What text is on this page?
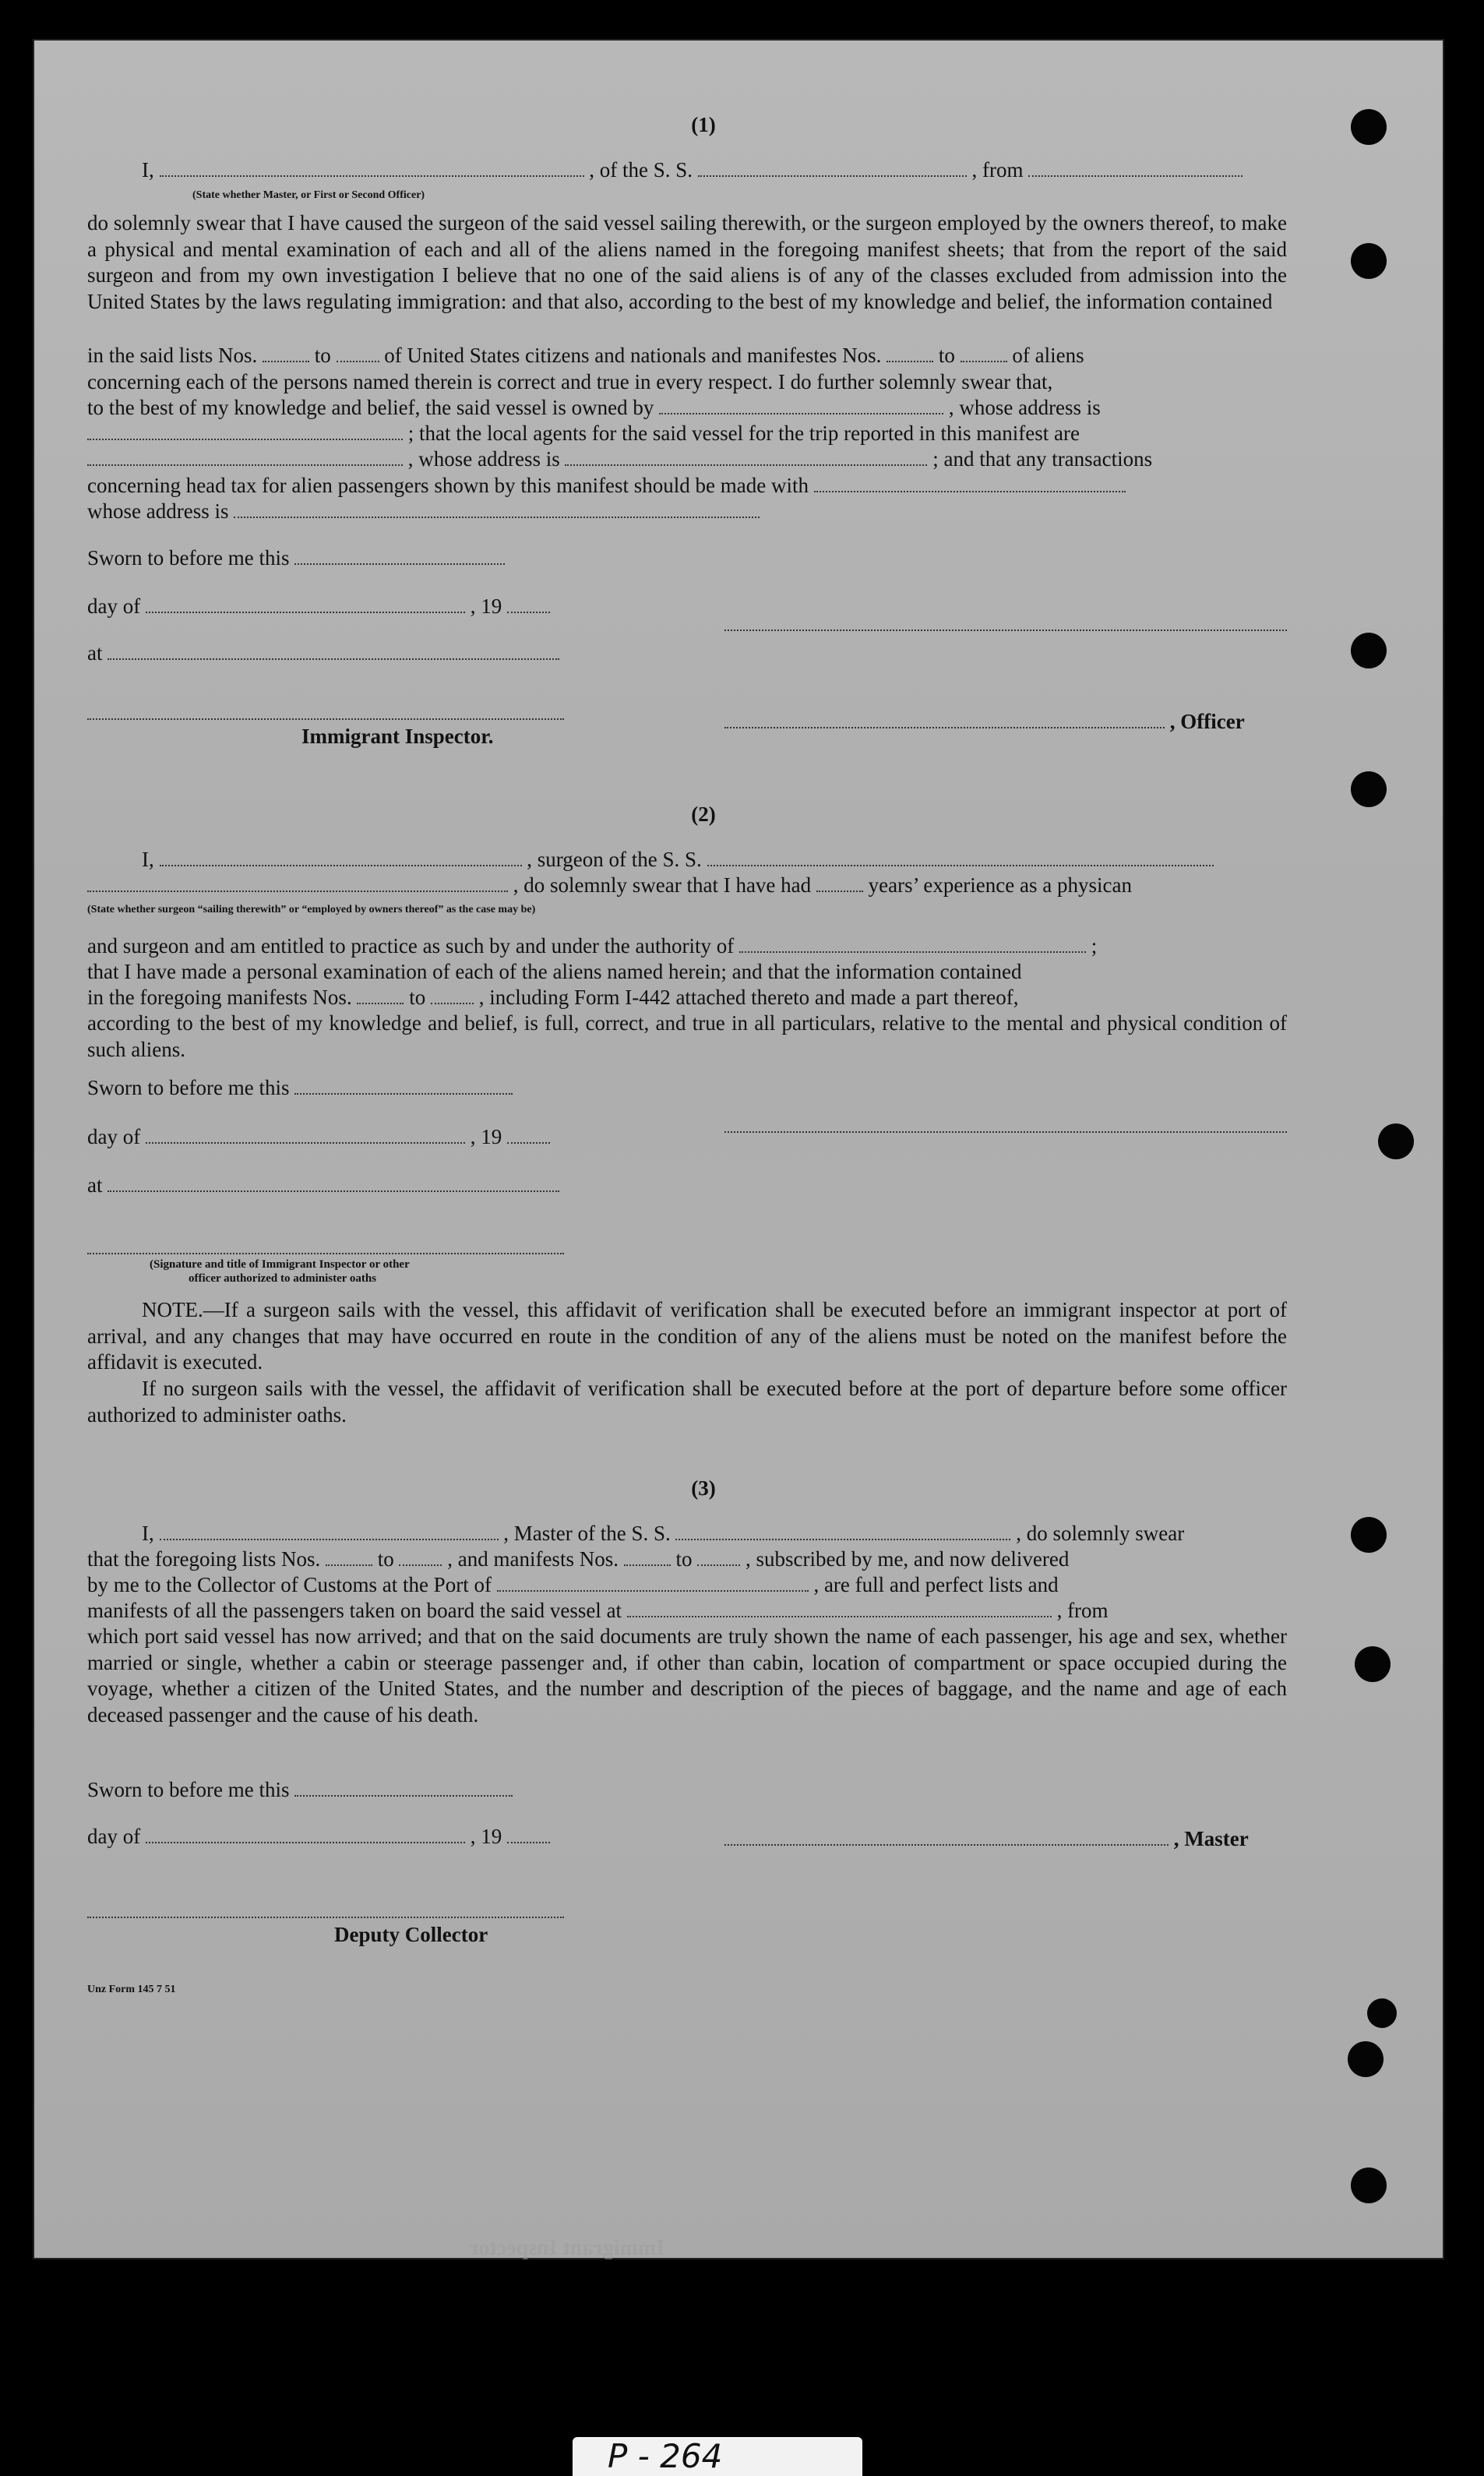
(1)
I,	, of the S. S.	, from
(State whether Master, or First or Second Officer)
do solemnly swear that I have caused the surgeon of the said vessel sailing therewith, or the surgeon employed by the owners thereof, to make a physical and mental examination of each and all of the aliens named in the foregoing manifest sheets; that from the report of the said surgeon and from my own investigation I believe that no one of the said aliens is of any of the classes excluded from admission into the United States by the laws regulating immigration: and that also, according to the best of my knowledge and belief, the information contained
in the said lists Nos.	to	of United States citizens and nationals and manifestes Nos.	to	of aliens
concerning each of the persons named therein is correct and true in every respect. I do further solemnly swear that,
to the best of my knowledge and belief, the said vessel is owned by	, whose address is
; that the local agents for the said vessel for the trip reported in this manifest are
, whose address is	; and that any transactions
concerning head tax for alien passengers shown by this manifest should be made with
whose address is
Sworn to before me this
day of	, 19
at
Immigrant Inspector.
, Officer
(2)
I,	, surgeon of the S. S.
, do solemnly swear that I have had	years’ experience as a physican
(State whether surgeon “sailing therewith” or “employed by owners thereof” as the case may be)
and surgeon and am entitled to practice as such by and under the authority of	;
that I have made a personal examination of each of the aliens named herein; and that the information contained
in the foregoing manifests Nos.	to	, including Form I-442 attached thereto and made a part thereof,
according to the best of my knowledge and belief, is full, correct, and true in all particulars, relative to the mental and physical condition of such aliens.
Sworn to before me this
day of	, 19
at
(Signature and title of Immigrant Inspector or other
officer authorized to administer oaths
NOTE.—If a surgeon sails with the vessel, this affidavit of verification shall be executed before an immigrant inspector at port of arrival, and any changes that may have occurred en route in the condition of any of the aliens must be noted on the manifest before the affidavit is executed.
If no surgeon sails with the vessel, the affidavit of verification shall be executed before at the port of departure before some officer authorized to administer oaths.
(3)
I,	, Master of the S. S.	, do solemnly swear
that the foregoing lists Nos.	to	, and manifests Nos.	to	, subscribed by me, and now delivered
by me to the Collector of Customs at the Port of	, are full and perfect lists and
manifests of all the passengers taken on board the said vessel at	, from
which port said vessel has now arrived; and that on the said documents are truly shown the name of each passenger, his age and sex, whether married or single, whether a cabin or steerage passenger and, if other than cabin, location of compartment or space occupied during the voyage, whether a citizen of the United States, and the number and description of the pieces of baggage, and the name and age of each deceased passenger and the cause of his death.
Sworn to before me this
day of	, 19	, Master
Deputy Collector
Unz Form 145 7 51
Immigrant Inspector
P - 264
